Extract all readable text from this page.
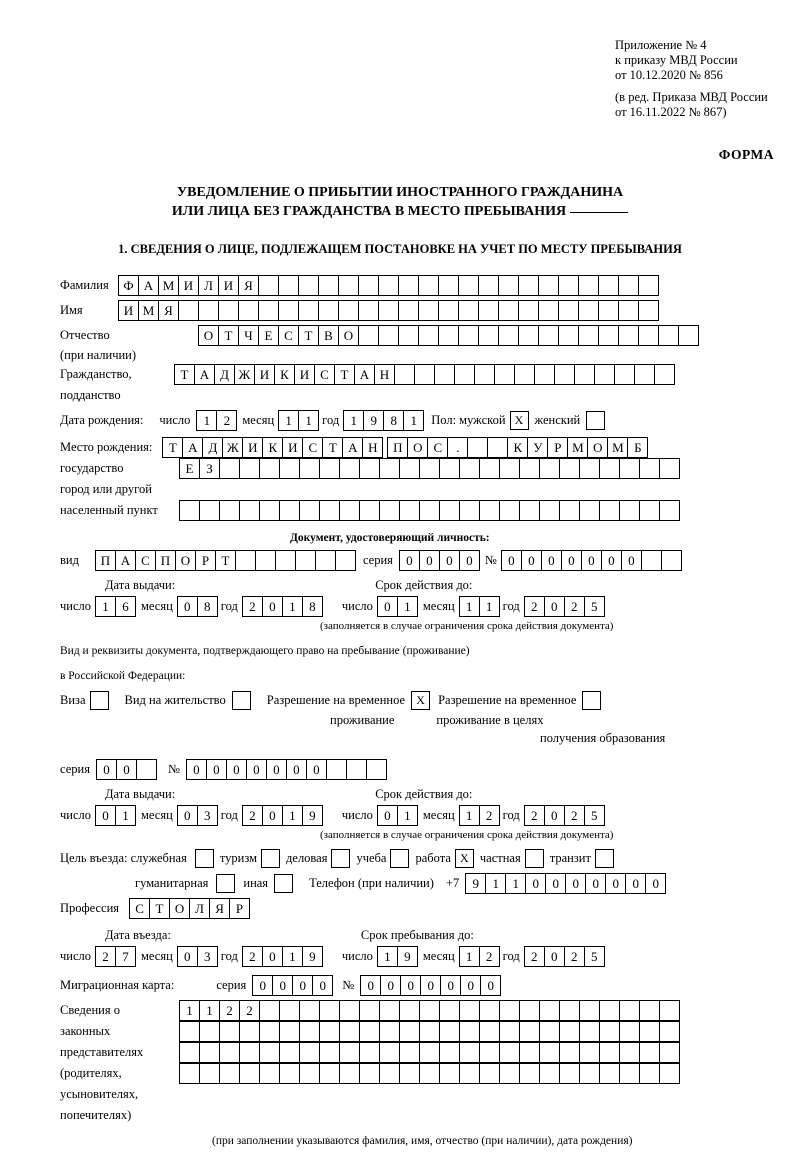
Приложение № 4
к приказу МВД России
от 10.12.2020 № 856
(в ред. Приказа МВД России
от 16.11.2022 № 867)
ФОРМА
УВЕДОМЛЕНИЕ О ПРИБЫТИИ ИНОСТРАННОГО ГРАЖДАНИНА
ИЛИ ЛИЦА БЕЗ ГРАЖДАНСТВА В МЕСТО ПРЕБЫВАНИЯ
1. СВЕДЕНИЯ О ЛИЦЕ, ПОДЛЕЖАЩЕМ ПОСТАНОВКЕ НА УЧЕТ ПО МЕСТУ ПРЕБЫВАНИЯ
Фамилия	Ф А М И Л И Я
Имя	И М Я
Отчество	О Т Ч Е С Т В О
(при наличии)
Гражданство,	Т А Д Ж И К И С Т А Н
подданство
Дата рождения: число	1	2 месяц 1	1 год 1	9	8	1	Пол: мужской Х женский
Место рождения:	Т А Д Ж И К И С Т А Н	П О С	.	К У Р М О М Б
государство	Е З
город или другой
населенный пункт
Документ, удостоверяющий личность:
вид	П А С П О Р Т	серия	0	0	0	0 № 0	0	0	0	0	0	0
Дата выдачи:	Срок действия до:
число 1	6 месяц 0	8 год 2	0	1	8	число 0	1 месяц 1	1 год 2	0	2	5
(заполняется в случае ограничения срока действия документа)
Вид и реквизиты документа, подтверждающего право на пребывание (проживание)
в Российской Федерации:
Виза	Вид на жительство	Разрешение на временное Х	Разрешение на временное
проживание	проживание в целях
получения образования
серия	0	0	№	0	0	0	0	0	0	0
Дата выдачи:	Срок действия до:
число 0	1 месяц 0	3 год 2	0	1	9	число 0	1 месяц 1	2 год 2	0	2	5
(заполняется в случае ограничения срока действия документа)
Цель въезда: служебная	туризм деловая учеба работа Х частная транзит
гуманитарная	иная	Телефон (при наличии) +7	9	1	1	0	0	0	0	0	0	0
Профессия	С Т О Л Я Р
Дата въезда:	Срок пребывания до:
число 2	7 месяц 0	3 год 2	0	1	9	число 1	9 месяц 1	2 год 2	0	2	5
Миграционная карта:	серия	0	0	0	0	№	0	0	0	0	0	0	0
Сведения о	1	1	2	2
законных
представителях
(родителях,
усыновителях,
попечителях)
(при заполнении указываются фамилия, имя, отчество (при наличии), дата рождения)
